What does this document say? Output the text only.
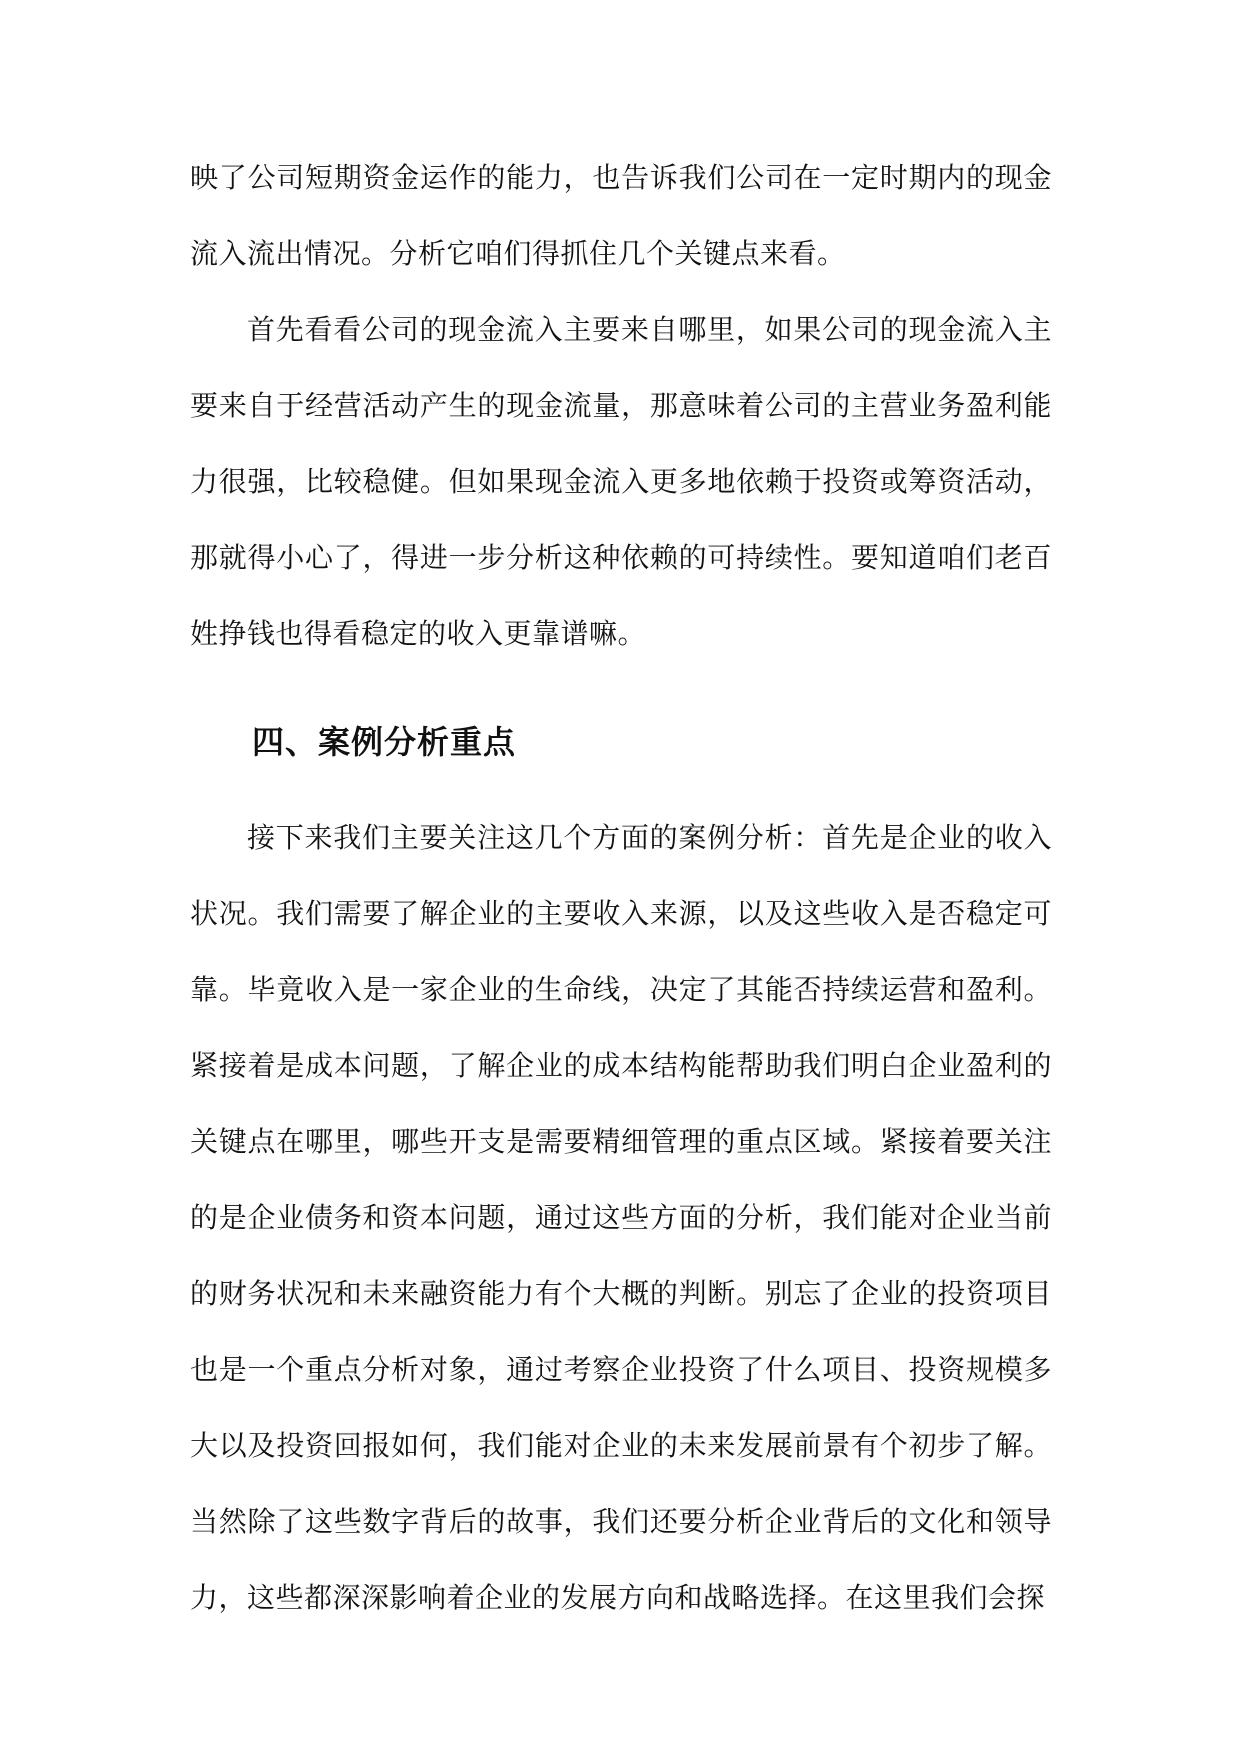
映了公司短期资金运作的能力，也告诉我们公司在一定时期内的现金流入流出情况。分析它咱们得抓住几个关键点来看。

首先看看公司的现金流入主要来自哪里，如果公司的现金流入主要来自于经营活动产生的现金流量，那意味着公司的主营业务盈利能力很强，比较稳健。但如果现金流入更多地依赖于投资或筹资活动，那就得小心了，得进一步分析这种依赖的可持续性。要知道咱们老百姓挣钱也得看稳定的收入更靠谱嘛。

四、案例分析重点

接下来我们主要关注这几个方面的案例分析：首先是企业的收入状况。我们需要了解企业的主要收入来源，以及这些收入是否稳定可靠。毕竟收入是一家企业的生命线，决定了其能否持续运营和盈利。紧接着是成本问题，了解企业的成本结构能帮助我们明白企业盈利的关键点在哪里，哪些开支是需要精细管理的重点区域。紧接着要关注的是企业债务和资本问题，通过这些方面的分析，我们能对企业当前的财务状况和未来融资能力有个大概的判断。别忘了企业的投资项目也是一个重点分析对象，通过考察企业投资了什么项目、投资规模多大以及投资回报如何，我们能对企业的未来发展前景有个初步了解。当然除了这些数字背后的故事，我们还要分析企业背后的文化和领导力，这些都深深影响着企业的发展方向和战略选择。在这里我们会探
